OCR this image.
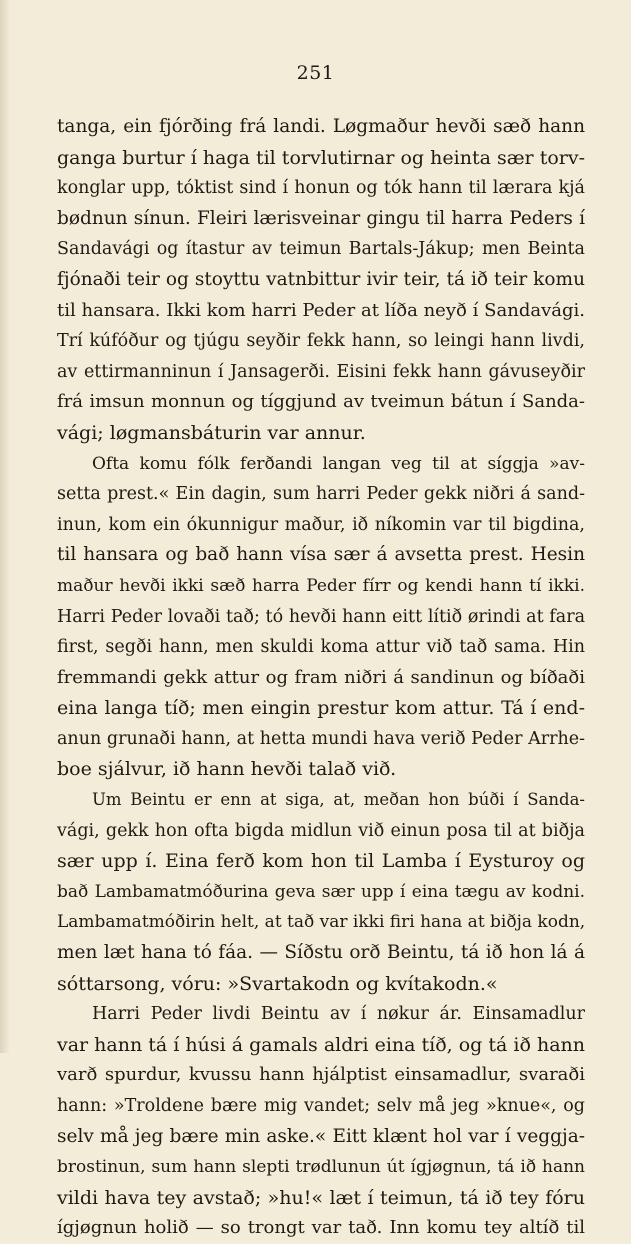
251
tanga, ein fjórðing frá landi. Løgmaður hevði sæð hann
ganga burtur í haga til torvlutirnar og heinta sær torv-
konglar upp, tóktist sind í honun og tók hann til lærara kjá
bødnun sínun. Fleiri lærisveinar gingu til harra Peders í
Sandavági og ítastur av teimun Bartals-Jákup; men Beinta
fjónaði teir og stoyttu vatnbittur ivir teir, tá ið teir komu
til hansara. Ikki kom harri Peder at líða neyð í Sandavági.
Trí kúfóður og tjúgu seyðir fekk hann, so leingi hann livdi,
av ettirmanninun í Jansagerði. Eisini fekk hann gávuseyðir
frá imsun monnun og tíggjund av tveimun bátun í Sanda-
vági; løgmansbáturin var annur.
Ofta komu fólk ferðandi langan veg til at síggja »av-
setta prest.« Ein dagin, sum harri Peder gekk niðri á sand-
inun, kom ein ókunnigur maður, ið níkomin var til bigdina,
til hansara og bað hann vísa sær á avsetta prest. Hesin
maður hevði ikki sæð harra Peder fírr og kendi hann tí ikki.
Harri Peder lovaði tað; tó hevði hann eitt lítið ørindi at fara
first, segði hann, men skuldi koma attur við tað sama. Hin
fremmandi gekk attur og fram niðri á sandinun og bíðaði
eina langa tíð; men eingin prestur kom attur. Tá í end-
anun grunaði hann, at hetta mundi hava verið Peder Arrhe-
boe sjálvur, ið hann hevði talað við.
Um Beintu er enn at siga, at, meðan hon búði í Sanda-
vági, gekk hon ofta bigda midlun við einun posa til at biðja
sær upp í. Eina ferð kom hon til Lamba í Eysturoy og
bað Lambamatmóðurina geva sær upp í eina tægu av kodni.
Lambamatmóðirin helt, at tað var ikki firi hana at biðja kodn,
men læt hana tó fáa. — Síðstu orð Beintu, tá ið hon lá á
sóttarsong, vóru: »Svartakodn og kvítakodn.«
Harri Peder livdi Beintu av í nøkur ár. Einsamadlur
var hann tá í húsi á gamals aldri eina tíð, og tá ið hann
varð spurdur, kvussu hann hjálptist einsamadlur, svaraði
hann: »Troldene bære mig vandet; selv må jeg »knue«, og
selv må jeg bære min aske.« Eitt klænt hol var í veggja-
brostinun, sum hann slepti trødlunun út ígjøgnun, tá ið hann
vildi hava tey avstað; »hu!« læt í teimun, tá ið tey fóru
ígjøgnun holið — so trongt var tað. Inn komu tey altíð til
